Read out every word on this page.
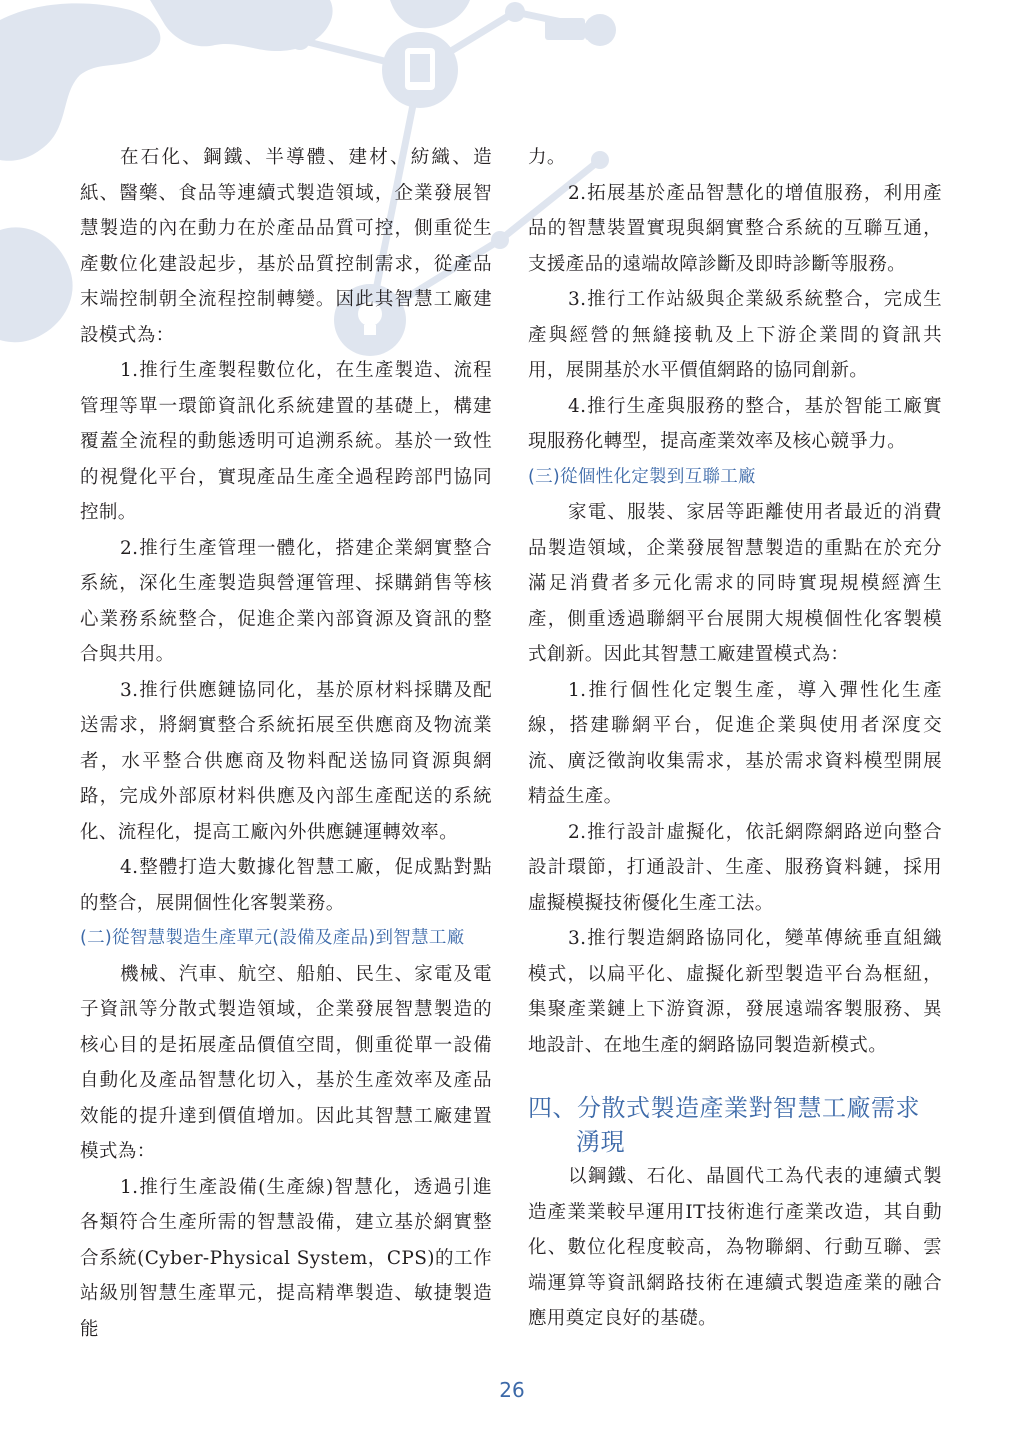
在石化、鋼鐵、半導體、建材、紡織、造紙、醫藥、食品等連續式製造領域，企業發展智慧製造的內在動力在於產品品質可控，側重從生產數位化建設起步，基於品質控制需求，從產品末端控制朝全流程控制轉變。因此其智慧工廠建設模式為：

1.推行生產製程數位化，在生產製造、流程管理等單一環節資訊化系統建置的基礎上，構建覆蓋全流程的動態透明可追溯系統。基於一致性的視覺化平台，實現產品生產全過程跨部門協同控制。

2.推行生產管理一體化，搭建企業網實整合系統，深化生產製造與營運管理、採購銷售等核心業務系統整合，促進企業內部資源及資訊的整合與共用。

3.推行供應鏈協同化，基於原材料採購及配送需求，將網實整合系統拓展至供應商及物流業者，水平整合供應商及物料配送協同資源與網路，完成外部原材料供應及內部生產配送的系統化、流程化，提高工廠內外供應鏈運轉效率。

4.整體打造大數據化智慧工廠，促成點對點的整合，展開個性化客製業務。

(二)從智慧製造生產單元(設備及產品)到智慧工廠

機械、汽車、航空、船舶、民生、家電及電子資訊等分散式製造領域，企業發展智慧製造的核心目的是拓展產品價值空間，側重從單一設備自動化及產品智慧化切入，基於生產效率及產品效能的提升達到價值增加。因此其智慧工廠建置模式為：

1.推行生產設備(生產線)智慧化，透過引進各類符合生產所需的智慧設備，建立基於網實整合系統(Cyber-Physical System，CPS)的工作站級別智慧生產單元，提高精準製造、敏捷製造能

力。

2.拓展基於產品智慧化的增值服務，利用產品的智慧裝置實現與網實整合系統的互聯互通，支援產品的遠端故障診斷及即時診斷等服務。

3.推行工作站級與企業級系統整合，完成生產與經營的無縫接軌及上下游企業間的資訊共用，展開基於水平價值網路的協同創新。

4.推行生產與服務的整合，基於智能工廠實現服務化轉型，提高產業效率及核心競爭力。

(三)從個性化定製到互聯工廠

家電、服裝、家居等距離使用者最近的消費品製造領域，企業發展智慧製造的重點在於充分滿足消費者多元化需求的同時實現規模經濟生產，側重透過聯網平台展開大規模個性化客製模式創新。因此其智慧工廠建置模式為：

1.推行個性化定製生產，導入彈性化生產線，搭建聯網平台，促進企業與使用者深度交流、廣泛徵詢收集需求，基於需求資料模型開展精益生產。

2.推行設計虛擬化，依託網際網路逆向整合設計環節，打通設計、生產、服務資料鏈，採用虛擬模擬技術優化生產工法。

3.推行製造網路協同化，變革傳統垂直組織模式，以扁平化、虛擬化新型製造平台為框紐，集聚產業鏈上下游資源，發展遠端客製服務、異地設計、在地生產的網路協同製造新模式。

四、分散式製造產業對智慧工廠需求湧現

以鋼鐵、石化、晶圓代工為代表的連續式製造產業業較早運用IT技術進行產業改造，其自動化、數位化程度較高，為物聯網、行動互聯、雲端運算等資訊網路技術在連續式製造產業的融合應用奠定良好的基礎。

26
